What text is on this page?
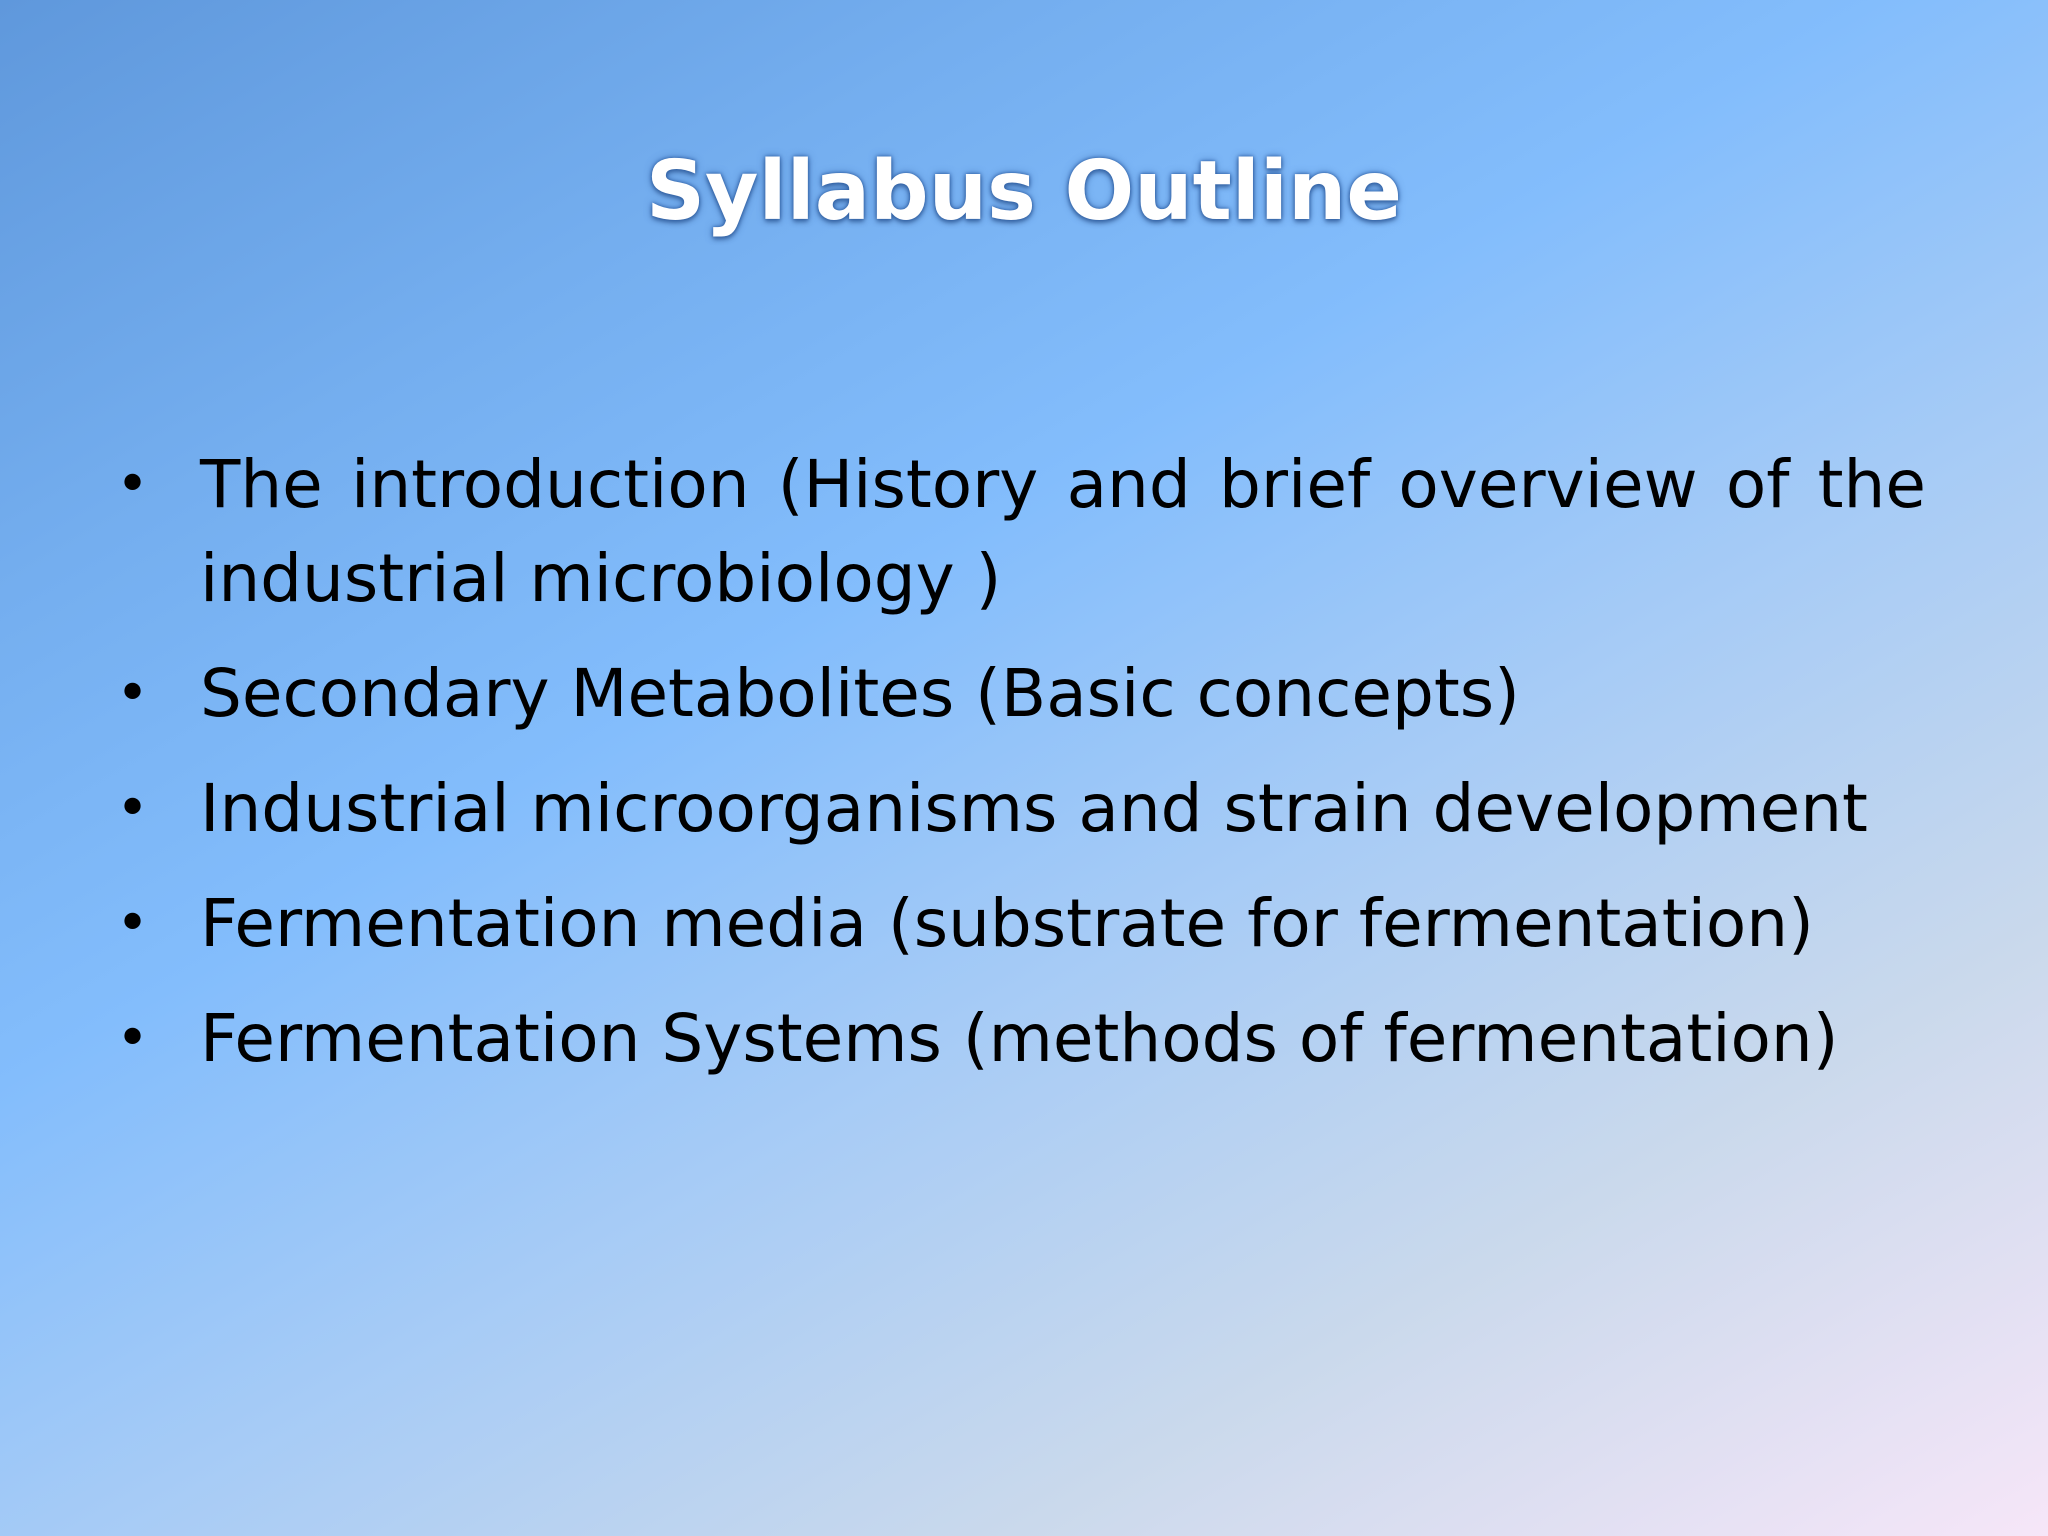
Syllabus Outline
• The introduction (History and brief overview of the industrial microbiology )
• Secondary Metabolites (Basic concepts)
• Industrial microorganisms and strain development
• Fermentation media (substrate for fermentation)
• Fermentation Systems (methods of fermentation)
